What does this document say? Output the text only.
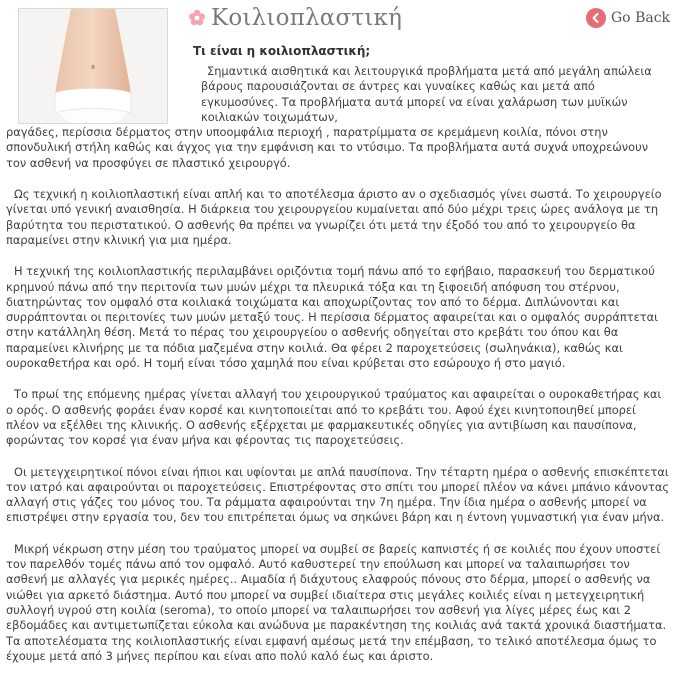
Κοιλιοπλαστική	Go Back
Τι είναι η κοιλιοπλαστική;

Σημαντικά αισθητικά και λειτουργικά προβλήματα μετά από μεγάλη απώλεια βάρους παρουσιάζονται σε άντρες και γυναίκες καθώς και μετά από εγκυμοσύνες. Τα προβλήματα αυτά μπορεί να είναι χαλάρωση των μυϊκών κοιλιακών τοιχωμάτων,

ραγάδες, περίσσια δέρματος στην υποομφάλια περιοχή , παρατρίμματα σε κρεμάμενη κοιλία, πόνοι στην σπονδυλική στήλη καθώς και άγχος για την εμφάνιση και το ντύσιμο. Τα προβλήματα αυτά συχνά υποχρεώνουν τον ασθενή να προσφύγει σε πλαστικό χειρουργό.

Ως τεχνική η κοιλιοπλαστική είναι απλή και το αποτέλεσμα άριστο αν ο σχεδιασμός γίνει σωστά. Το χειρουργείο γίνεται υπό γενική αναισθησία. Η διάρκεια του χειρουργείου κυμαίνεται από δύο μέχρι τρεις ώρες ανάλογα με τη βαρύτητα του περιστατικού. Ο ασθενής θα πρέπει να γνωρίζει ότι μετά την έξοδό του από το χειρουργείο θα παραμείνει στην κλινική για μια ημέρα.

Η τεχνική της κοιλιοπλαστικής περιλαμβάνει οριζόντια τομή πάνω από το εφήβαιο, παρασκευή του δερματικού κρημνού πάνω από την περιτονία των μυών μέχρι τα πλευρικά τόξα και τη ξιφοειδή απόφυση του στέρνου, διατηρώντας τον ομφαλό στα κοιλιακά τοιχώματα και αποχωρίζοντας τον από το δέρμα. Διπλώνονται και συρράπτονται οι περιτονίες των μυών μεταξύ τους. Η περίσσια δέρματος αφαιρείται και ο ομφαλός συρράπτεται στην κατάλληλη θέση. Μετά το πέρας του χειρουργείου ο ασθενής οδηγείται στο κρεβάτι του όπου και θα παραμείνει κλινήρης με τα πόδια μαζεμένα στην κοιλιά. Θα φέρει 2 παροχετεύσεις (σωληνάκια), καθώς και ουροκαθετήρα και ορό. Η τομή είναι τόσο χαμηλά που είναι κρύβεται στο εσώρουχο ή στο μαγιό.

Το πρωί της επόμενης ημέρας γίνεται αλλαγή του χειρουργικού τραύματος και αφαιρείται ο ουροκαθετήρας και ο ορός. Ο ασθενής φοράει έναν κορσέ και κινητοποιείται από το κρεβάτι του. Αφού έχει κινητοποιηθεί μπορεί πλέον να εξέλθει της κλινικής. Ο ασθενής εξέρχεται με φαρμακευτικές οδηγίες για αντιβίωση και παυσίπονα, φορώντας τον κορσέ για έναν μήνα και φέροντας τις παροχετεύσεις.

Οι μετεγχειρητικοί πόνοι είναι ήπιοι και υφίονται με απλά παυσίπονα. Την τέταρτη ημέρα ο ασθενής επισκέπτεται τον ιατρό και αφαιρούνται οι παροχετεύσεις. Επιστρέφοντας στο σπίτι του μπορεί πλέον να κάνει μπάνιο κάνοντας αλλαγή στις γάζες του μόνος του. Τα ράμματα αφαιρούνται την 7η ημέρα. Την ίδια ημέρα ο ασθενής μπορεί να επιστρέψει στην εργασία του, δεν του επιτρέπεται όμως να σηκώνει βάρη και η έντονη γυμναστική για έναν μήνα.

Μικρή νέκρωση στην μέση του τραύματος μπορεί να συμβεί σε βαρείς καπνιστές ή σε κοιλιές που έχουν υποστεί τον παρελθόν τομές πάνω από τον ομφαλό. Αυτό καθυστερεί την επούλωση και μπορεί να ταλαιπωρήσει τον ασθενή με αλλαγές για μερικές ημέρες.. Αιμαδία ή διάχυτους ελαφρούς πόνους στο δέρμα, μπορεί ο ασθενής να νιώθει για αρκετό διάστημα. Αυτό που μπορεί να συμβεί ιδιαίτερα στις μεγάλες κοιλιές είναι η μετεγχειρητική συλλογή υγρού στη κοιλία (seroma), το οποίο μπορεί να ταλαιπωρήσει τον ασθενή για λίγες μέρες έως και 2 εβδομάδες και αντιμετωπίζεται εύκολα και ανώδυνα με παρακέντηση της κοιλιάς ανά τακτά χρονικά διαστήματα. Τα αποτελέσματα της κοιλιοπλαστικής είναι εμφανή αμέσως μετά την επέμβαση, το τελικό αποτέλεσμα όμως το έχουμε μετά από 3 μήνες περίπου και είναι απο πολύ καλό έως και άριστο.
